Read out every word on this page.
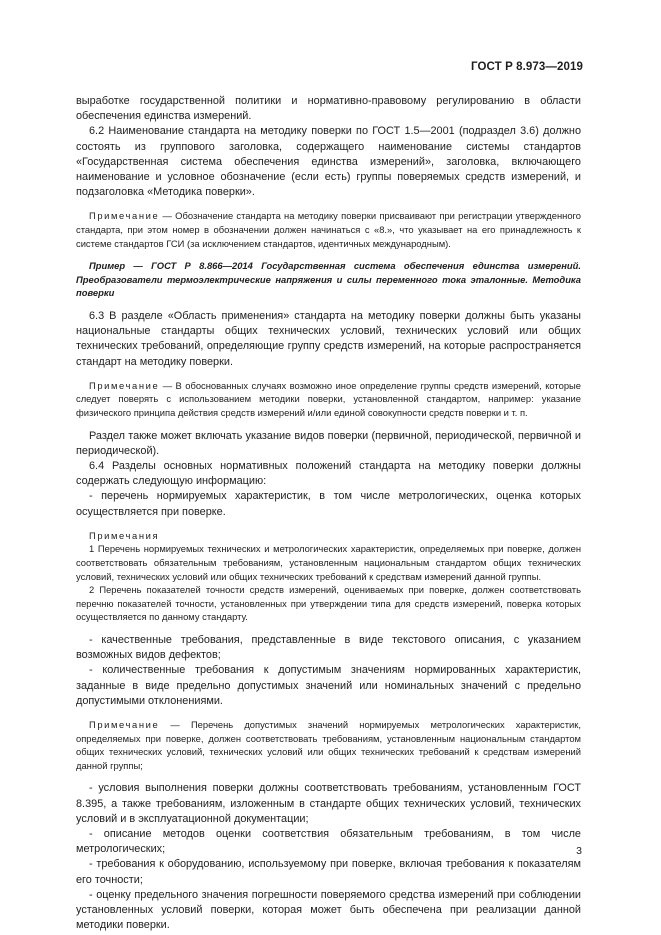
ГОСТ Р 8.973—2019

выработке государственной политики и нормативно-правовому регулированию в области обеспечения единства измерений.

6.2 Наименование стандарта на методику поверки по ГОСТ 1.5—2001 (подраздел 3.6) должно состоять из группового заголовка, содержащего наименование системы стандартов «Государственная система обеспечения единства измерений», заголовка, включающего наименование и условное обозначение (если есть) группы поверяемых средств измерений, и подзаголовка «Методика поверки».

Примечание — Обозначение стандарта на методику поверки присваивают при регистрации утвержденного стандарта, при этом номер в обозначении должен начинаться с «8.», что указывает на его принадлежность к системе стандартов ГСИ (за исключением стандартов, идентичных международным).

Пример — ГОСТ Р 8.866—2014 Государственная система обеспечения единства измерений. Преобразователи термоэлектрические напряжения и силы переменного тока эталонные. Методика поверки

6.3 В разделе «Область применения» стандарта на методику поверки должны быть указаны национальные стандарты общих технических условий, технических условий или общих технических требований, определяющие группу средств измерений, на которые распространяется стандарт на методику поверки.

Примечание — В обоснованных случаях возможно иное определение группы средств измерений, которые следует поверять с использованием методики поверки, установленной стандартом, например: указание физического принципа действия средств измерений и/или единой совокупности средств поверки и т. п.

Раздел также может включать указание видов поверки (первичной, периодической, первичной и периодической).

6.4 Разделы основных нормативных положений стандарта на методику поверки должны содержать следующую информацию:

- перечень нормируемых характеристик, в том числе метрологических, оценка которых осуществляется при поверке.

Примечания

1 Перечень нормируемых технических и метрологических характеристик, определяемых при поверке, должен соответствовать обязательным требованиям, установленным национальным стандартом общих технических условий, технических условий или общих технических требований к средствам измерений данной группы.

2 Перечень показателей точности средств измерений, оцениваемых при поверке, должен соответствовать перечню показателей точности, установленных при утверждении типа для средств измерений, поверка которых осуществляется по данному стандарту.

- качественные требования, представленные в виде текстового описания, с указанием возможных видов дефектов;

- количественные требования к допустимым значениям нормированных характеристик, заданные в виде предельно допустимых значений или номинальных значений с предельно допустимыми отклонениями.

Примечание — Перечень допустимых значений нормируемых метрологических характеристик, определяемых при поверке, должен соответствовать требованиям, установленным национальным стандартом общих технических условий, технических условий или общих технических требований к средствам измерений данной группы;

- условия выполнения поверки должны соответствовать требованиям, установленным ГОСТ 8.395, а также требованиям, изложенным в стандарте общих технических условий, технических условий и в эксплуатационной документации;

- описание методов оценки соответствия обязательным требованиям, в том числе метрологических;

- требования к оборудованию, используемому при поверке, включая требования к показателям его точности;

- оценку предельного значения погрешности поверяемого средства измерений при соблюдении установленных условий поверки, которая может быть обеспечена при реализации данной методики поверки.

3
